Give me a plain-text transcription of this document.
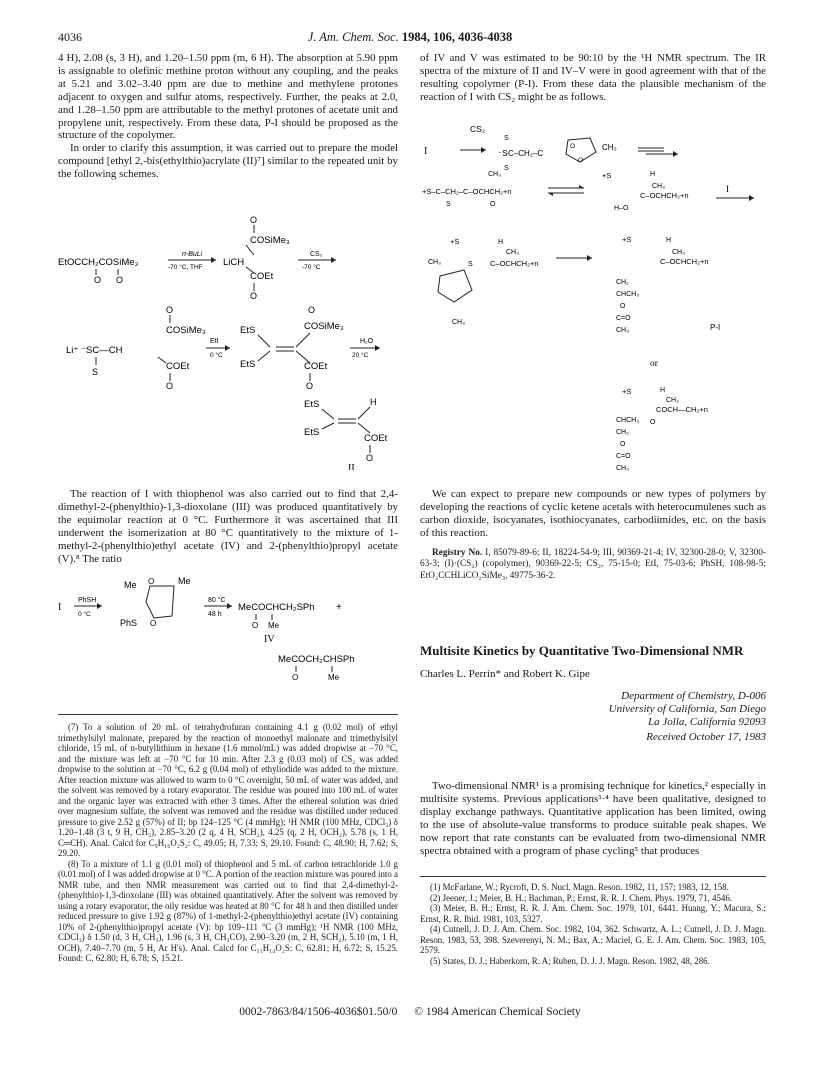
4036	J. Am. Chem. Soc. 1984, 106, 4036-4038

4 H), 2.08 (s, 3 H), and 1.20–1.50 ppm (m, 6 H). The absorption at 5.90 ppm is assignable to olefinic methine proton without any coupling, and the peaks at 5.21 and 3.02–3.40 ppm are due to methine and methylene protones adjacent to oxygen and sulfur atoms, respectively. Further, the peaks at 2.0, and 1.28–1.50 ppm are attributable to the methyl protones of acetate unit and propylene unit, respectively. From these data, P-I should be proposed as the structure of the copolymer.

In order to clarify this assumption, it was carried out to prepare the model compound [ethyl 2,-bis(ethylthio)acrylate (II)⁷] similar to the repeated unit by the following schemes.

EtOCCH₂COSiMe₃
O O
n-BuLi
-70 °C, THF LiCH
O
COSiMe₃
COEt
O
CS₂
-70 °C
O
COSiMe₃
Li⁺ ⁻SC—CH
S	COEt
O
EtI
0 °C
EtS
EtS
O
COSiMe₃
COEt
O
H₂O
20 °C
EtS
EtS
H
COEt
O
II

The reaction of I with thiophenol was also carried out to find that 2,4-dimethyl-2-(phenylthio)-1,3-dioxolane (III) was produced quantitatively by the equimolar reaction at 0 °C. Furthermore it was ascertained that III underwent the isomerization at 80 °C quantitatively to the mixture of 1-methyl-2-(phenylthio)ethyl acetate (IV) and 2-(phenylthio)propyl acetate (V).⁸ The ratio

I
PhSH
0 °C
Me
PhS
O
O
Me
80 °C
48 h
MeCOCHCH₂SPh +
O Me
IV
MeCOCH₂CHSPh
O	Me

(7) To a solution of 20 mL of tetrahydrofuran containing 4.1 g (0.02 mol) of ethyl trimethylsilyl malonate, prepared by the reaction of monoethyl malonate and trimethylsilyl chloride, 15 mL of n-butyllithium in hexane (1.6 mmol/mL) was added dropwise at −70 °C, and the mixture was left at −70 °C for 10 min. After 2.3 g (0.03 mol) of CS₂ was added dropwise to the solution at −70 °C, 6.2 g (0.04 mol) of ethyliodide was added to the mixture. After reaction mixture was allowed to warm to 0 °C overnight, 50 mL of water was added, and the solvent was removed by a rotary evaporator. The residue was poured into 100 mL of water and the organic layer was extracted with ether 3 times. After the ethereal solution was dried over magnesium sulfate, the solvent was removed and the residue was distilled under reduced pressure to give 2.52 g (57%) of II; bp 124–125 °C (4 mmHg); ¹H NMR (100 MHz, CDCl₃) δ 1.20–1.48 (3 t, 9 H, CH₃), 2.85–3.20 (2 q, 4 H, SCH₂), 4.25 (q, 2 H, OCH₂), 5.78 (s, 1 H, C═CH). Anal. Calcd for C₉H₁₆O₂S₂: C, 49.05; H, 7.33; S, 29.10. Found: C, 48.90; H, 7.62; S, 29.20.

(8) To a mixture of 1.1 g (0.01 mol) of thiophenol and 5 mL of carbon tetrachloride 1.0 g (0.01 mol) of I was added dropwise at 0 °C. A portion of the reaction mixture was poured into a NMR tube, and then NMR measurement was carried out to find that 2,4-dimethyl-2-(phenylthio)-1,3-dioxolane (III) was obtained quantitatively. After the solvent was removed by using a rotary evaporator, the oily residue was heated at 80 °C for 48 h and then distilled under reduced pressure to give 1.92 g (87%) of 1-methyl-2-(phenylthio)ethyl acetate (IV) containing 10% of 2-(phenylthio)propyl acetate (V): bp 109–111 °C (3 mmHg); ¹H NMR (100 MHz, CDCl₃) δ 1.50 (d, 3 H, CH₃), 1.96 (s, 3 H, CH₃CO), 2.90–3.20 (m, 2 H, SCH₂), 5.10 (m, 1 H, OCH), 7.40–7.70 (m, 5 H, Ar H's). Anal. Calcd for C₁₁H₁₄O₂S: C, 62.81; H, 6.72; S, 15.25. Found: C, 62.80; H, 6.78; S, 15.21.

of IV and V was estimated to be 90:10 by the ¹H NMR spectrum. The IR spectra of the mixture of II and IV–V were in good agreement with that of the resulting copolymer (P-I). From these data the plausible mechanism of the reaction of I with CS₂ might be as follows.

CS₂
I
S
⁻S C–CH₂–C
S
O
O
CH₃
CH₃
+S–C–CH₂–C–OCHCH₂+n
S	O
+S	H
CH₃
C–OCHCH₂+n
H–O
I
+S	H
CH₃
CH₃	C–OCHCH₂+n
S
CH₃
+S	H
CH₃
C–OCHCH₂+n
CH₂
CHCH₃
O
C=O
CH₃	P-I
or
+S	H
CH₃
COCH—CH₂+n
CHCH₃ O
CH₂
O
C=O
CH₃

We can expect to prepare new compounds or new types of polymers by developing the reactions of cyclic ketene acetals with heterocumulenes such as carbon dioxide, isocyanates, isothiocyanates, carbodiimides, etc. on the basis of this reaction.

Registry No. I, 85079-89-6; II, 18224-54-9; III, 90369-21-4; IV, 32300-28-0; V, 32300-63-3; (I)·(CS₂) (copolymer), 90369-22-5; CS₂, 75-15-0; EtI, 75-03-6; PhSH, 108-98-5; EtO₂CCHLiCO₂SiMe₃, 49775-36-2.

Multisite Kinetics by Quantitative Two-Dimensional NMR
Charles L. Perrin* and Robert K. Gipe
Department of Chemistry, D-006
University of California, San Diego
La Jolla, California 92093
Received October 17, 1983

Two-dimensional NMR¹ is a promising technique for kinetics,² especially in multisite systems. Previous applications³·⁴ have been qualitative, designed to display exchange pathways. Quantitative application has been limited, owing to the use of absolute-value transforms to produce suitable peak shapes. We now report that rate constants can be evaluated from two-dimensional NMR spectra obtained with a program of phase cycling⁵ that produces

(1) McFarlane, W.; Rycroft, D. S. Nucl. Magn. Reson. 1982, 11, 157; 1983, 12, 158.

(2) Jeener, J.; Meier, B. H.; Bachman, P.; Ernst, R. R. J. Chem. Phys. 1979, 71, 4546.

(3) Meier, B. H.; Ernst, R. R. J. Am. Chem. Soc. 1979, 101, 6441. Huang, Y.; Macura, S.; Ernst, R. R. Ibid. 1981, 103, 5327.

(4) Cutnell, J. D. J. Am. Chem. Soc. 1982, 104, 362. Schwartz, A. L.; Cutnell, J. D. J. Magn. Reson. 1983, 53, 398. Szeverenyi, N. M.; Bax, A.; Maciel, G. E. J. Am. Chem. Soc. 1983, 105, 2579.

(5) States, D. J.; Haberkorn, R. A; Ruben, D. J. J. Magn. Reson. 1982, 48, 286.

0002-7863/84/1506-4036$01.50/0 © 1984 American Chemical Society
